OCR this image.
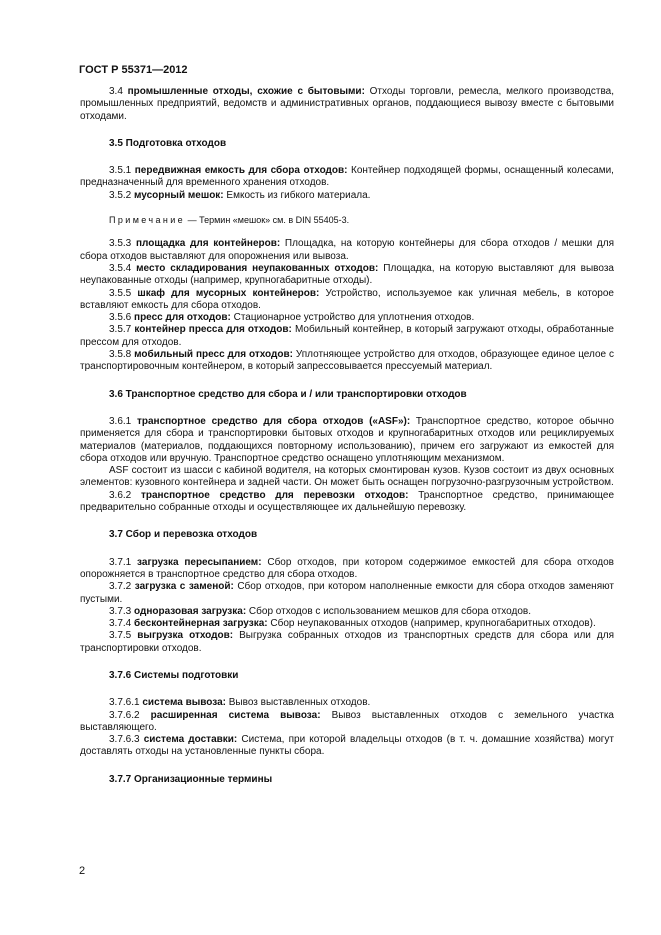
ГОСТ Р 55371—2012

3.4 промышленные отходы, схожие с бытовыми: Отходы торговли, ремесла, мелкого производства, промышленных предприятий, ведомств и административных органов, поддающиеся вывозу вместе с бытовыми отходами.

3.5 Подготовка отходов

3.5.1 передвижная емкость для сбора отходов: Контейнер подходящей формы, оснащенный колесами, предназначенный для временного хранения отходов.

3.5.2 мусорный мешок: Емкость из гибкого материала.

Примечание — Термин «мешок» см. в DIN 55405-3.

3.5.3 площадка для контейнеров: Площадка, на которую контейнеры для сбора отходов / мешки для сбора отходов выставляют для опорожнения или вывоза.

3.5.4 место складирования неупакованных отходов: Площадка, на которую выставляют для вывоза неупакованные отходы (например, крупногабаритные отходы).

3.5.5 шкаф для мусорных контейнеров: Устройство, используемое как уличная мебель, в которое вставляют емкость для сбора отходов.

3.5.6 пресс для отходов: Стационарное устройство для уплотнения отходов.

3.5.7 контейнер пресса для отходов: Мобильный контейнер, в который загружают отходы, обработанные прессом для отходов.

3.5.8 мобильный пресс для отходов: Уплотняющее устройство для отходов, образующее единое целое с транспортировочным контейнером, в который запрессовывается прессуемый материал.

3.6 Транспортное средство для сбора и / или транспортировки отходов

3.6.1 транспортное средство для сбора отходов («ASF»): Транспортное средство, которое обычно применяется для сбора и транспортировки бытовых отходов и крупногабаритных отходов или рециклируемых материалов (материалов, поддающихся повторному использованию), причем его загружают из емкостей для сбора отходов или вручную. Транспортное средство оснащено уплотняющим механизмом.

ASF состоит из шасси с кабиной водителя, на которых смонтирован кузов. Кузов состоит из двух основных элементов: кузовного контейнера и задней части. Он может быть оснащен погрузочно-разгрузочным устройством.

3.6.2 транспортное средство для перевозки отходов: Транспортное средство, принимающее предварительно собранные отходы и осуществляющее их дальнейшую перевозку.

3.7 Сбор и перевозка отходов

3.7.1 загрузка пересыпанием: Сбор отходов, при котором содержимое емкостей для сбора отходов опорожняется в транспортное средство для сбора отходов.

3.7.2 загрузка с заменой: Сбор отходов, при котором наполненные емкости для сбора отходов заменяют пустыми.

3.7.3 одноразовая загрузка: Сбор отходов с использованием мешков для сбора отходов.

3.7.4 бесконтейнерная загрузка: Сбор неупакованных отходов (например, крупногабаритных отходов).

3.7.5 выгрузка отходов: Выгрузка собранных отходов из транспортных средств для сбора или для транспортировки отходов.

3.7.6 Системы подготовки

3.7.6.1 система вывоза: Вывоз выставленных отходов.

3.7.6.2 расширенная система вывоза: Вывоз выставленных отходов с земельного участка выставляющего.

3.7.6.3 система доставки: Система, при которой владельцы отходов (в т. ч. домашние хозяйства) могут доставлять отходы на установленные пункты сбора.

3.7.7 Организационные термины

2
